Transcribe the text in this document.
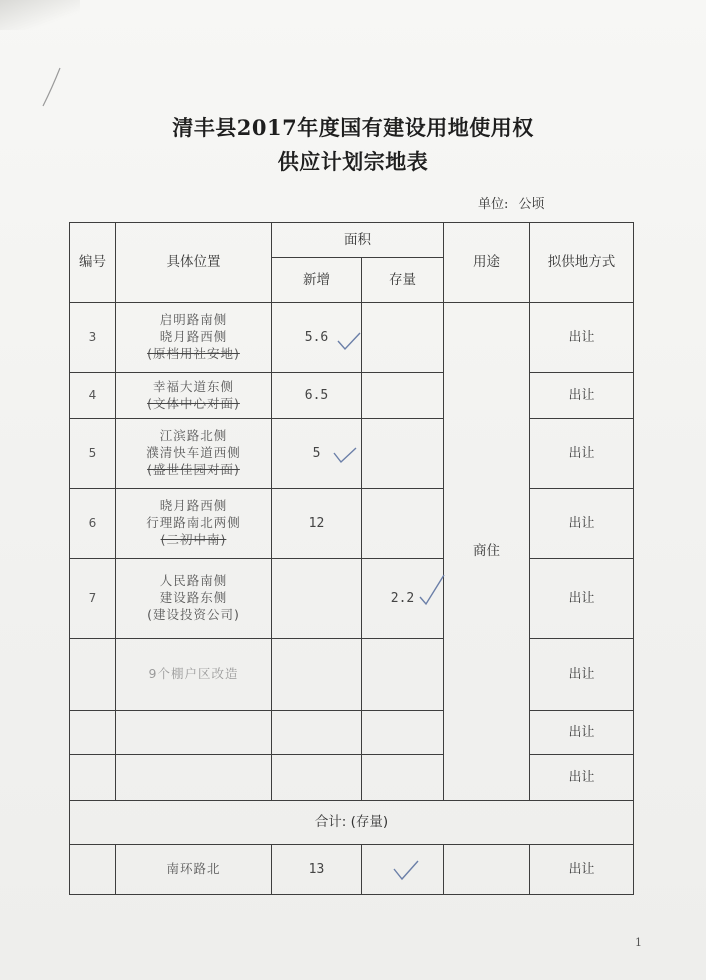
清丰县2017年度国有建设用地使用权
供应计划宗地表
单位: 公顷
编号	具体位置	面积		用途	拟供地方式
		新增	存量		
3	启明路南侧
晓月路西侧
(原档用社安地)	5.6		商住	出让
4	幸福大道东侧
(文体中心对面)	6.5			出让
5	江滨路北侧
濮清快车道西侧
(盛世佳园对面)	5			出让
6	晓月路西侧
行理路南北两侧
(二初中南)	12			出让
7	人民路南侧
建设路东侧
(建设投资公司)		2.2		出让
	9个棚户区改造				出让
					出让
					出让
合计: (存量)					
	南环路北	13			出让
1
